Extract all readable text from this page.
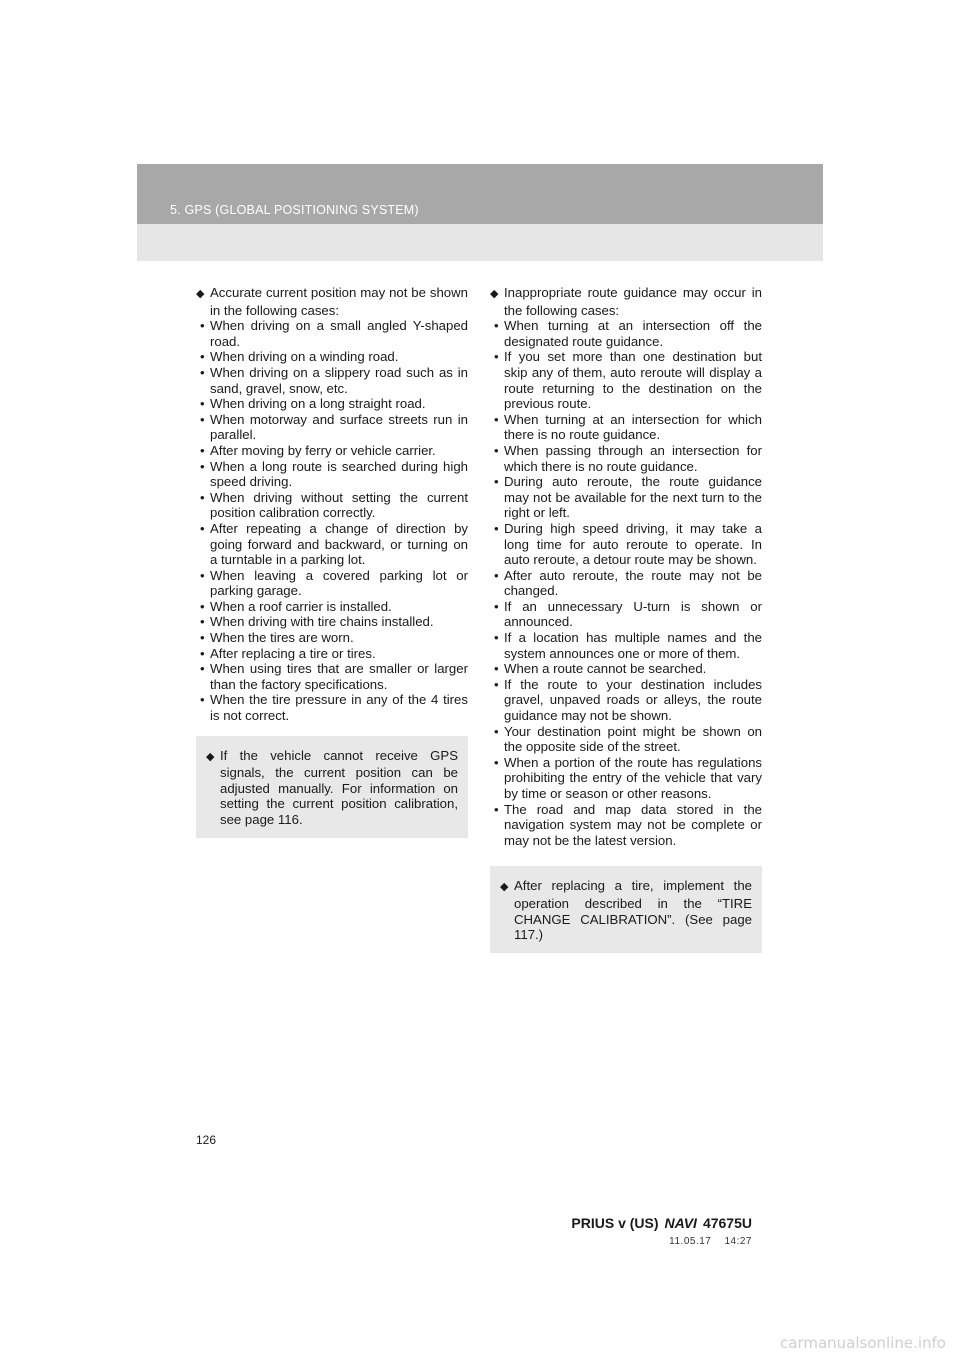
5. GPS (GLOBAL POSITIONING SYSTEM)
◆ Accurate current position may not be shown in the following cases:
• When driving on a small angled Y-shaped road.
• When driving on a winding road.
• When driving on a slippery road such as in sand, gravel, snow, etc.
• When driving on a long straight road.
• When motorway and surface streets run in parallel.
• After moving by ferry or vehicle carrier.
• When a long route is searched during high speed driving.
• When driving without setting the current position calibration correctly.
• After repeating a change of direction by going forward and backward, or turning on a turntable in a parking lot.
• When leaving a covered parking lot or parking garage.
• When a roof carrier is installed.
• When driving with tire chains installed.
• When the tires are worn.
• After replacing a tire or tires.
• When using tires that are smaller or larger than the factory specifications.
• When the tire pressure in any of the 4 tires is not correct.
◆ If the vehicle cannot receive GPS signals, the current position can be adjusted manually. For information on setting the current position calibration, see page 116.
◆ Inappropriate route guidance may occur in the following cases:
• When turning at an intersection off the designated route guidance.
• If you set more than one destination but skip any of them, auto reroute will display a route returning to the destination on the previous route.
• When turning at an intersection for which there is no route guidance.
• When passing through an intersection for which there is no route guidance.
• During auto reroute, the route guidance may not be available for the next turn to the right or left.
• During high speed driving, it may take a long time for auto reroute to operate. In auto reroute, a detour route may be shown.
• After auto reroute, the route may not be changed.
• If an unnecessary U-turn is shown or announced.
• If a location has multiple names and the system announces one or more of them.
• When a route cannot be searched.
• If the route to your destination includes gravel, unpaved roads or alleys, the route guidance may not be shown.
• Your destination point might be shown on the opposite side of the street.
• When a portion of the route has regulations prohibiting the entry of the vehicle that vary by time or season or other reasons.
• The road and map data stored in the navigation system may not be complete or may not be the latest version.
◆ After replacing a tire, implement the operation described in the “TIRE CHANGE CALIBRATION”. (See page 117.)
126
PRIUS v (US) NAVI 47675U
11.05.17 14:27
carmanualsonline.info
